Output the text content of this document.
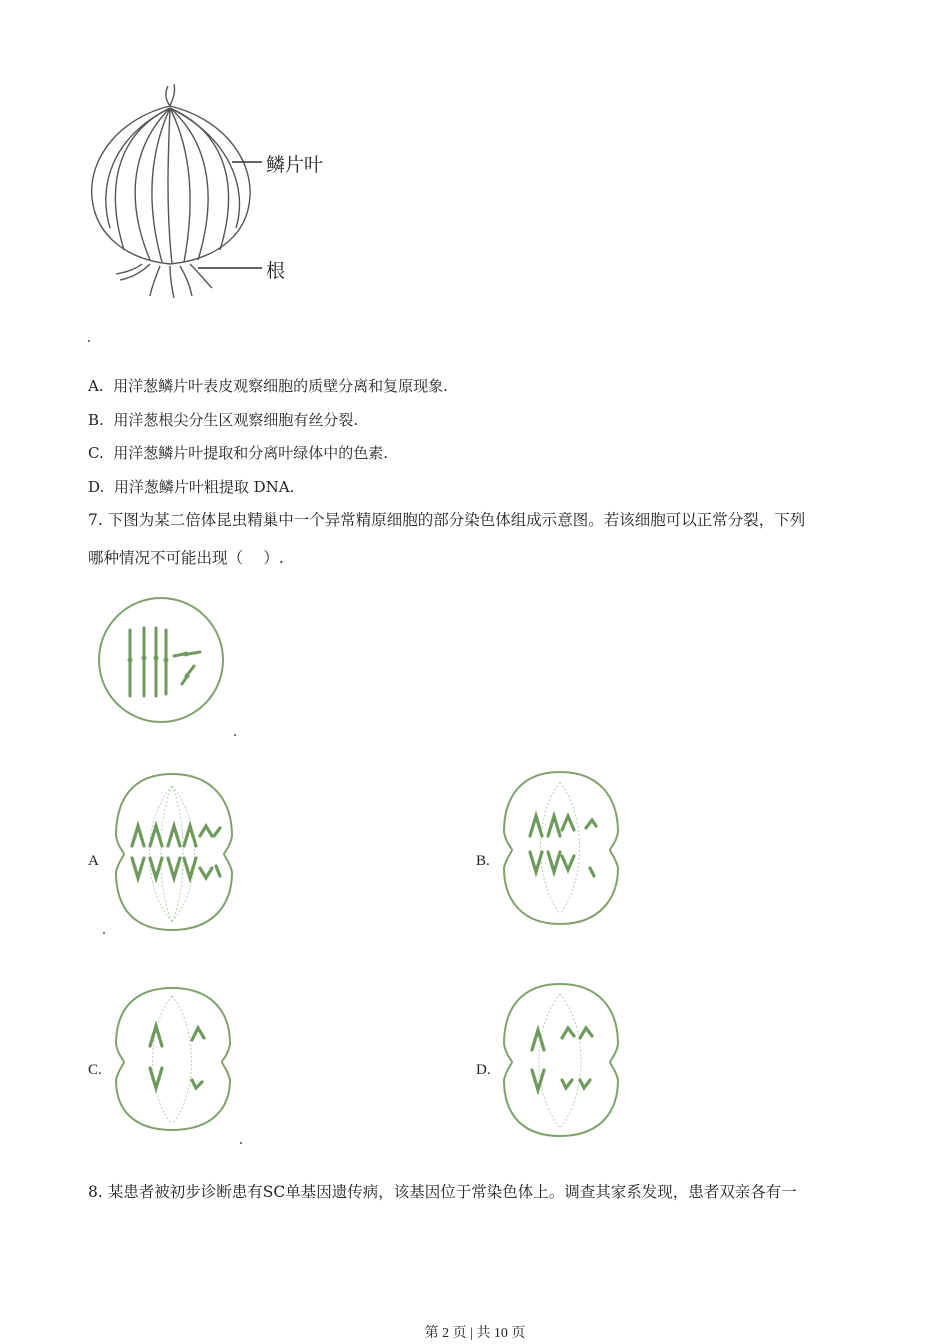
鳞片叶
根
A. 用洋葱鳞片叶表皮观察细胞的质壁分离和复原现象.
B. 用洋葱根尖分生区观察细胞有丝分裂.
C. 用洋葱鳞片叶提取和分离叶绿体中的色素.
D. 用洋葱鳞片叶粗提取 DNA.
7. 下图为某二倍体昆虫精巢中一个异常精原细胞的部分染色体组成示意图。若该细胞可以正常分裂，下列
哪种情况不可能出现（　 ）.
A	B.
C.	D.
8. 某患者被初步诊断患有SC单基因遗传病，该基因位于常染色体上。调查其家系发现，患者双亲各有一
第 2 页 | 共 10 页
